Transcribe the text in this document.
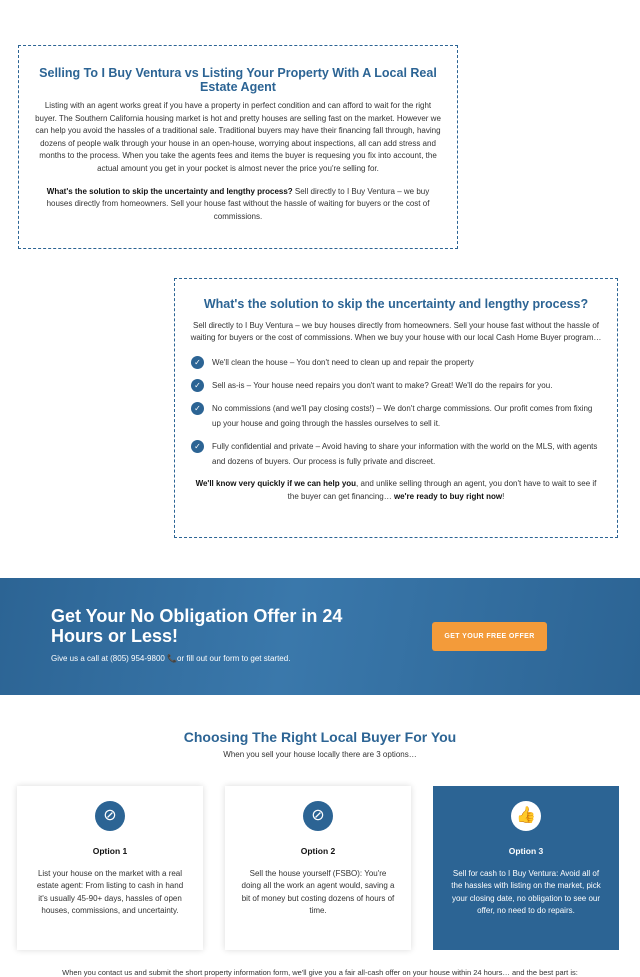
Selling To I Buy Ventura vs Listing Your Property With A Local Real Estate Agent

Listing with an agent works great if you have a property in perfect condition and can afford to wait for the right buyer. The Southern California housing market is hot and pretty houses are selling fast on the market. However we can help you avoid the hassles of a traditional sale. Traditional buyers may have their financing fall through, having dozens of people walk through your house in an open-house, worrying about inspections, all can add stress and months to the process. When you take the agents fees and items the buyer is requesing you fix into account, the actual amount you get in your pocket is almost never the price you're selling for.

What's the solution to skip the uncertainty and lengthy process? Sell directly to I Buy Ventura – we buy houses directly from homeowners. Sell your house fast without the hassle of waiting for buyers or the cost of commissions.

What's the solution to skip the uncertainty and lengthy process?

Sell directly to I Buy Ventura – we buy houses directly from homeowners. Sell your house fast without the hassle of waiting for buyers or the cost of commissions. When we buy your house with our local Cash Home Buyer program…

✓	We'll clean the house – You don't need to clean up and repair the property
✓	Sell as-is – Your house need repairs you don't want to make? Great! We'll do the repairs for you.
✓	No commissions (and we'll pay closing costs!) – We don't charge commissions. Our profit comes from fixing up your house and going through the hassles ourselves to sell it.
✓	Fully confidential and private – Avoid having to share your information with the world on the MLS, with agents and dozens of buyers. Our process is fully private and discreet.

We'll know very quickly if we can help you, and unlike selling through an agent, you don't have to wait to see if the buyer can get financing… we're ready to buy right now!

Get Your No Obligation Offer in 24 Hours or Less!

Give us a call at (805) 954-9800 📞or fill out our form to get started.

GET YOUR FREE OFFER
Choosing The Right Local Buyer For You

When you sell your house locally there are 3 options…

⊘
Option 1

List your house on the market with a real estate agent: From listing to cash in hand it's usually 45-90+ days, hassles of open houses, commissions, and uncertainty.

⊘
Option 2

Sell the house yourself (FSBO): You're doing all the work an agent would, saving a bit of money but costing dozens of hours of time.

👍
Option 3

Sell for cash to I Buy Ventura: Avoid all of the hassles with listing on the market, pick your closing date, no obligation to see our offer, no need to do repairs.

When you contact us and submit the short property information form, we'll give you a fair all-cash offer on your house within 24 hours… and the best part is:
